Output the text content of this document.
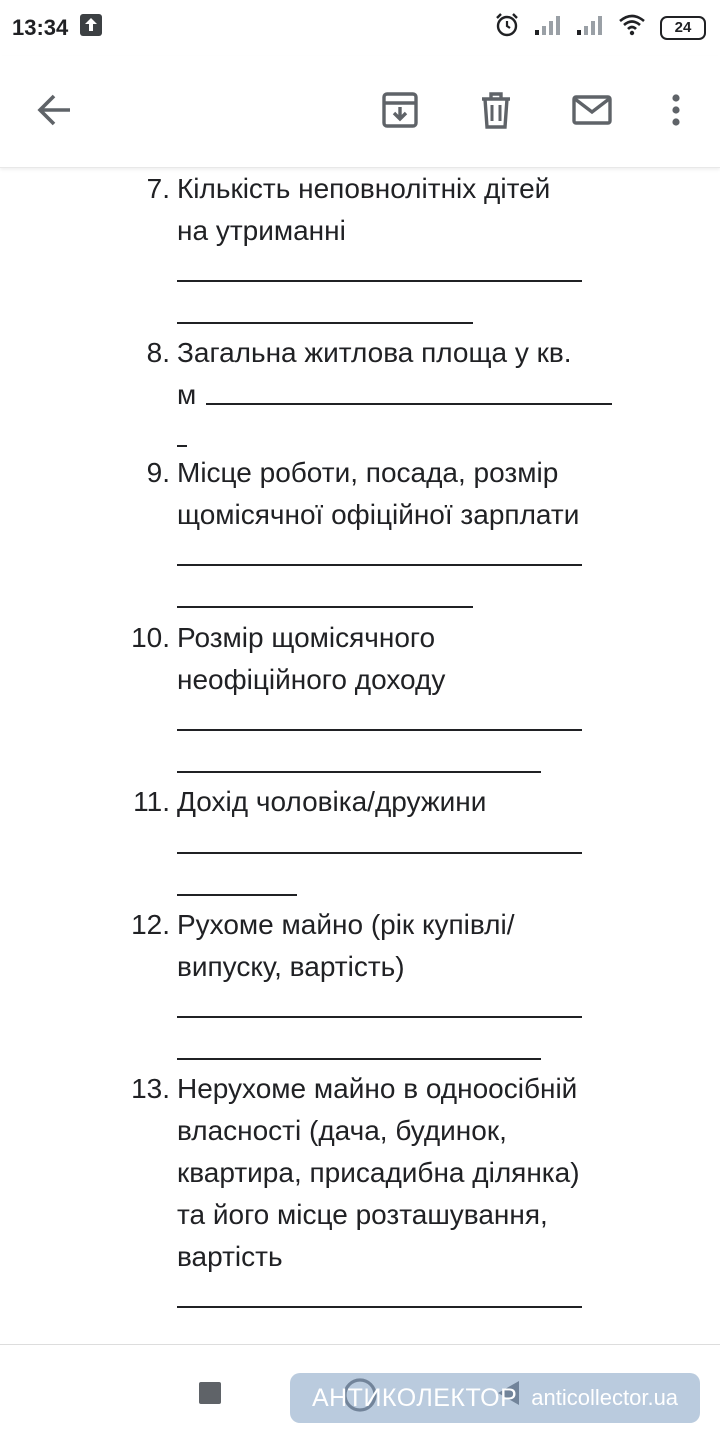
13:34	24
7. Кількість неповнолітніх дітей
на утриманні
8. Загальна житлова площа у кв.
м
9. Місце роботи, посада, розмір
щомісячної офіційної зарплати
10. Розмір щомісячного
неофіційного доходу
11. Дохід чоловіка/дружини
12. Рухоме майно (рік купівлі/
випуску, вартість)
13. Нерухоме майно в одноосібній
власності (дача, будинок,
квартира, присадибна ділянка)
та його місце розташування,
вартість
АНТИКОЛЕКТОР anticollector.ua
